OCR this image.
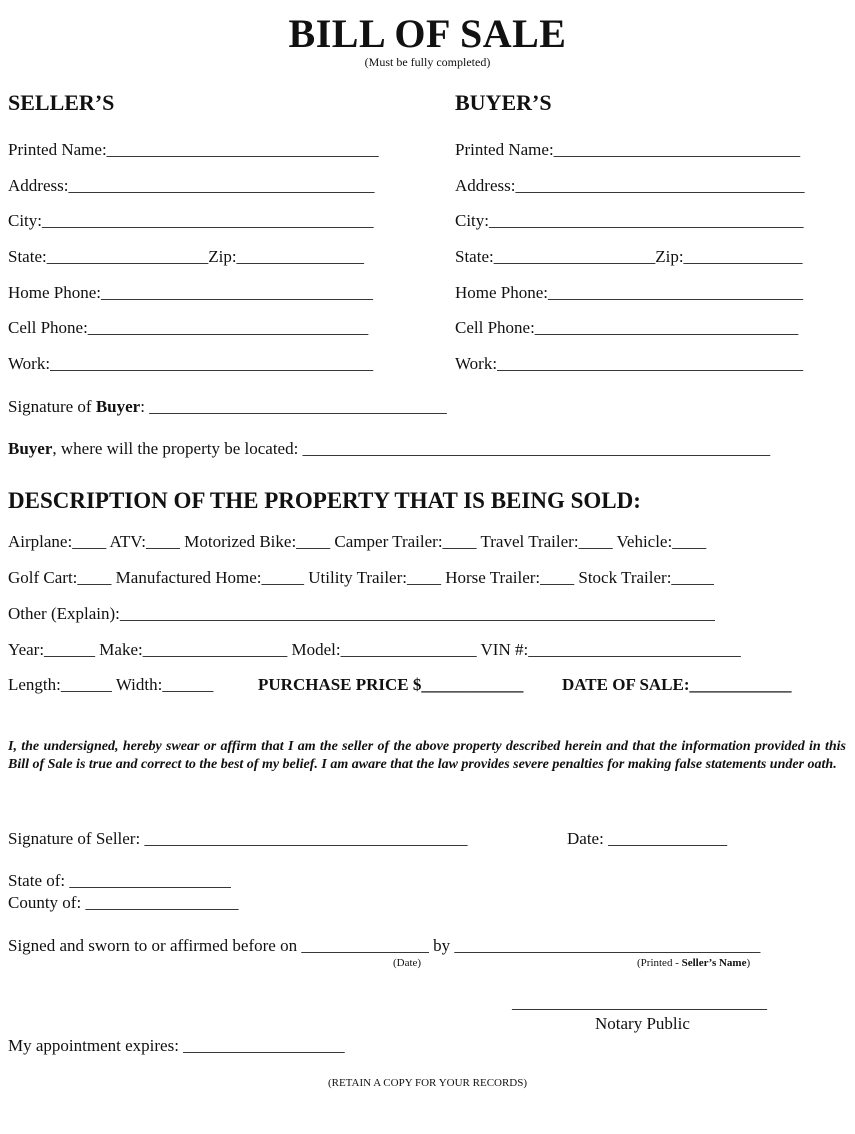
BILL OF SALE
(Must be fully completed)
SELLER’S
Printed Name:________________________________
Address:____________________________________
City:_______________________________________
State:___________________Zip:_______________
Home Phone:________________________________
Cell Phone:_________________________________
Work:______________________________________
BUYER’S
Printed Name:_____________________________
Address:__________________________________
City:_____________________________________
State:___________________Zip:______________
Home Phone:______________________________
Cell Phone:_______________________________
Work:____________________________________
Signature of Buyer: ___________________________________
Buyer, where will the property be located: _______________________________________________________
DESCRIPTION OF THE PROPERTY THAT IS BEING SOLD:
Airplane:____ ATV:____ Motorized Bike:____ Camper Trailer:____ Travel Trailer:____ Vehicle:____
Golf Cart:____ Manufactured Home:_____ Utility Trailer:____ Horse Trailer:____ Stock Trailer:_____
Other (Explain):______________________________________________________________________
Year:______ Make:_________________ Model:________________ VIN #:_________________________
Length:______ Width:______	PURCHASE PRICE $____________ DATE OF SALE:____________
I, the undersigned, hereby swear or affirm that I am the seller of the above property described herein and that the information provided in this Bill of Sale is true and correct to the best of my belief. I am aware that the law provides severe penalties for making false statements under oath.
Signature of Seller: ______________________________________	Date: ______________
State of: ___________________
County of: __________________
Signed and sworn to or affirmed before on _______________ by ____________________________________
(Date)	(Printed - Seller’s Name)
______________________________
Notary Public
My appointment expires: ___________________
(RETAIN A COPY FOR YOUR RECORDS)
